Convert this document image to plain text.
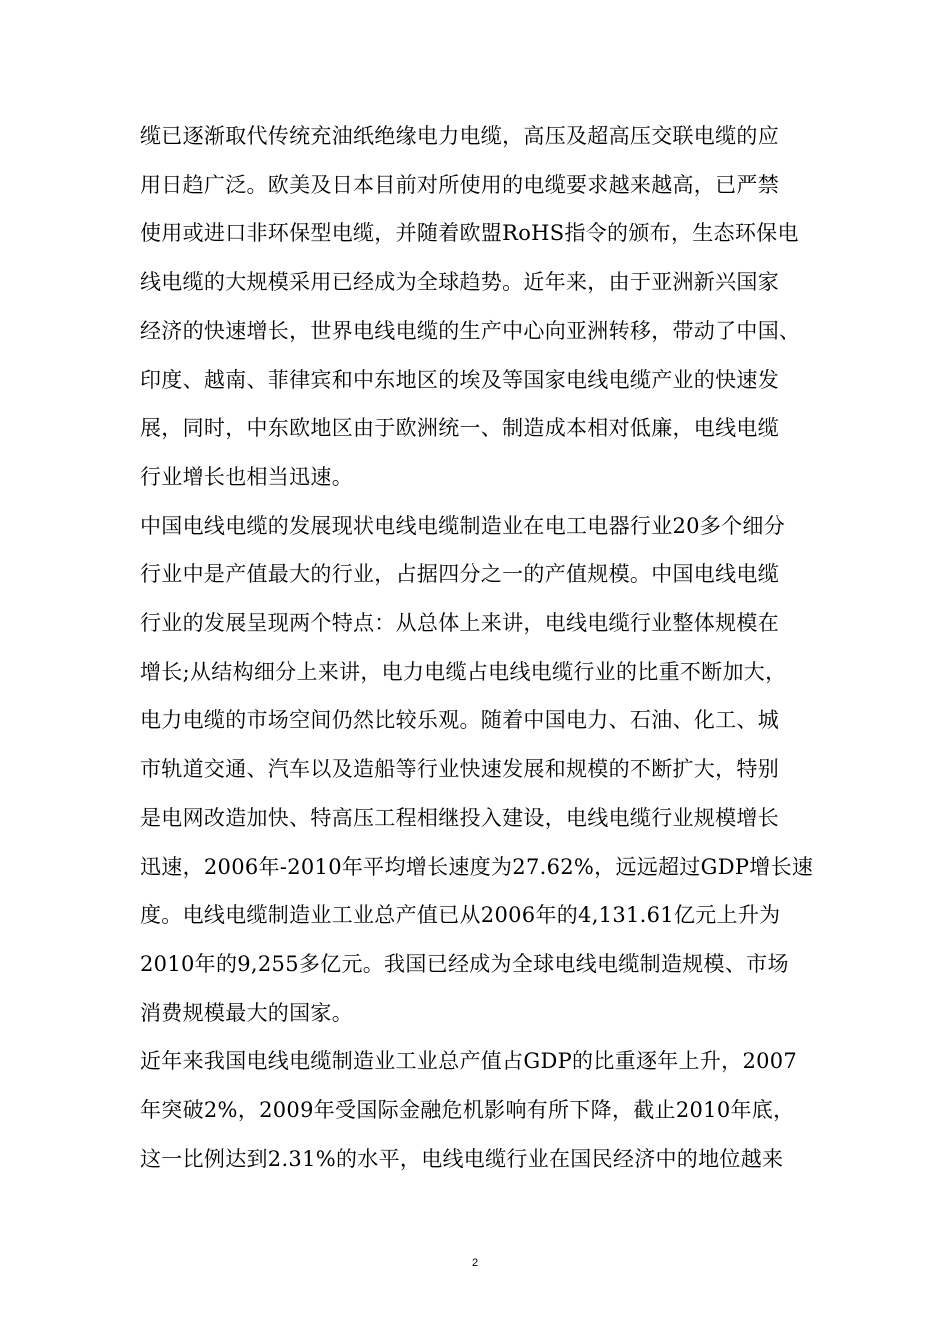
缆已逐渐取代传统充油纸绝缘电力电缆，高压及超高压交联电缆的应
用日趋广泛。欧美及日本目前对所使用的电缆要求越来越高，已严禁
使用或进口非环保型电缆，并随着欧盟RoHS指令的颁布，生态环保电
线电缆的大规模采用已经成为全球趋势。近年来，由于亚洲新兴国家
经济的快速增长，世界电线电缆的生产中心向亚洲转移，带动了中国、
印度、越南、菲律宾和中东地区的埃及等国家电线电缆产业的快速发
展，同时，中东欧地区由于欧洲统一、制造成本相对低廉，电线电缆
行业增长也相当迅速。

中国电线电缆的发展现状电线电缆制造业在电工电器行业20多个细分
行业中是产值最大的行业，占据四分之一的产值规模。中国电线电缆
行业的发展呈现两个特点：从总体上来讲，电线电缆行业整体规模在
增长;从结构细分上来讲，电力电缆占电线电缆行业的比重不断加大，
电力电缆的市场空间仍然比较乐观。随着中国电力、石油、化工、城
市轨道交通、汽车以及造船等行业快速发展和规模的不断扩大，特别
是电网改造加快、特高压工程相继投入建设，电线电缆行业规模增长
迅速，2006年-2010年平均增长速度为27.62%，远远超过GDP增长速
度。电线电缆制造业工业总产值已从2006年的4,131.61亿元上升为
2010年的9,255多亿元。我国已经成为全球电线电缆制造规模、市场
消费规模最大的国家。

近年来我国电线电缆制造业工业总产值占GDP的比重逐年上升，2007
年突破2%，2009年受国际金融危机影响有所下降，截止2010年底，
这一比例达到2.31%的水平，电线电缆行业在国民经济中的地位越来

2
